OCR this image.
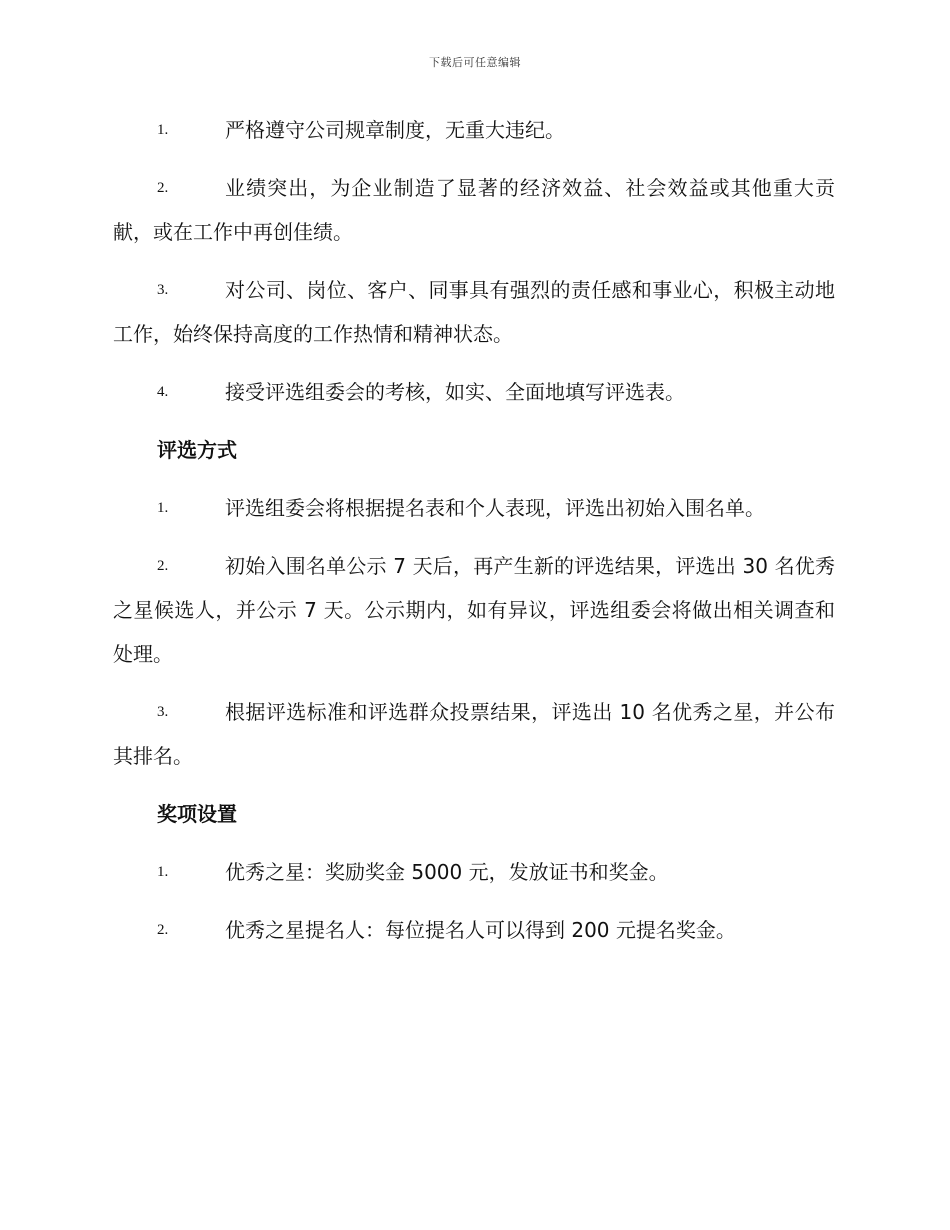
下载后可任意编辑
1.	严格遵守公司规章制度，无重大违纪。
2.	业绩突出，为企业制造了显著的经济效益、社会效益或其他重大贡献，或在工作中再创佳绩。
3.	对公司、岗位、客户、同事具有强烈的责任感和事业心，积极主动地工作，始终保持高度的工作热情和精神状态。
4.	接受评选组委会的考核，如实、全面地填写评选表。
评选方式
1.	评选组委会将根据提名表和个人表现，评选出初始入围名单。
2.	初始入围名单公示 7 天后，再产生新的评选结果，评选出 30 名优秀之星候选人，并公示 7 天。公示期内，如有异议，评选组委会将做出相关调查和处理。
3.	根据评选标准和评选群众投票结果，评选出 10 名优秀之星，并公布其排名。
奖项设置
1.	优秀之星：奖励奖金 5000 元，发放证书和奖金。
2.	优秀之星提名人：每位提名人可以得到 200 元提名奖金。
